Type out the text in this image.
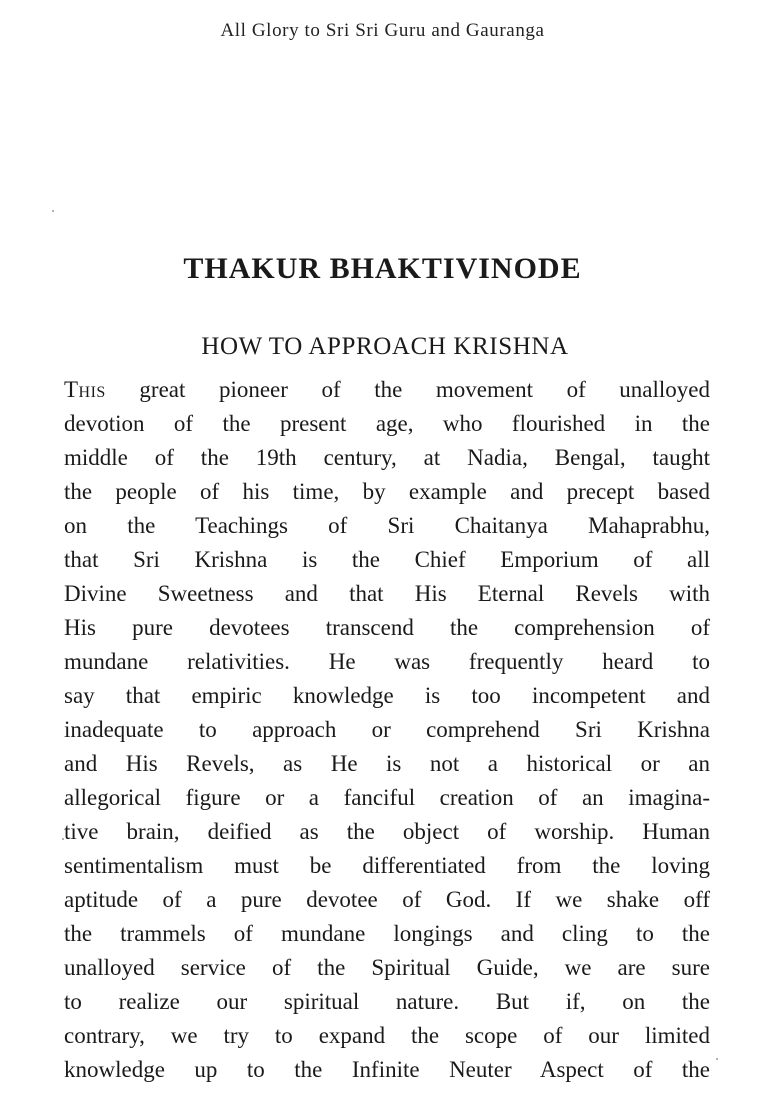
All Glory to Sri Sri Guru and Gauranga
THAKUR BHAKTIVINODE
HOW TO APPROACH KRISHNA
This great pioneer of the movement of unalloyed
devotion of the present age, who flourished in the
middle of the 19th century, at Nadia, Bengal, taught
the people of his time, by example and precept based
on the Teachings of Sri Chaitanya Mahaprabhu,
that Sri Krishna is the Chief Emporium of all
Divine Sweetness and that His Eternal Revels with
His pure devotees transcend the comprehension of
mundane relativities. He was frequently heard to
say that empiric knowledge is too incompetent and
inadequate to approach or comprehend Sri Krishna
and His Revels, as He is not a historical or an
allegorical figure or a fanciful creation of an imagina-
tive brain, deified as the object of worship. Human
sentimentalism must be differentiated from the loving
aptitude of a pure devotee of God. If we shake off
the trammels of mundane longings and cling to the
unalloyed service of the Spiritual Guide, we are sure
to realize our spiritual nature. But if, on the
contrary, we try to expand the scope of our limited
knowledge up to the Infinite Neuter Aspect of the
